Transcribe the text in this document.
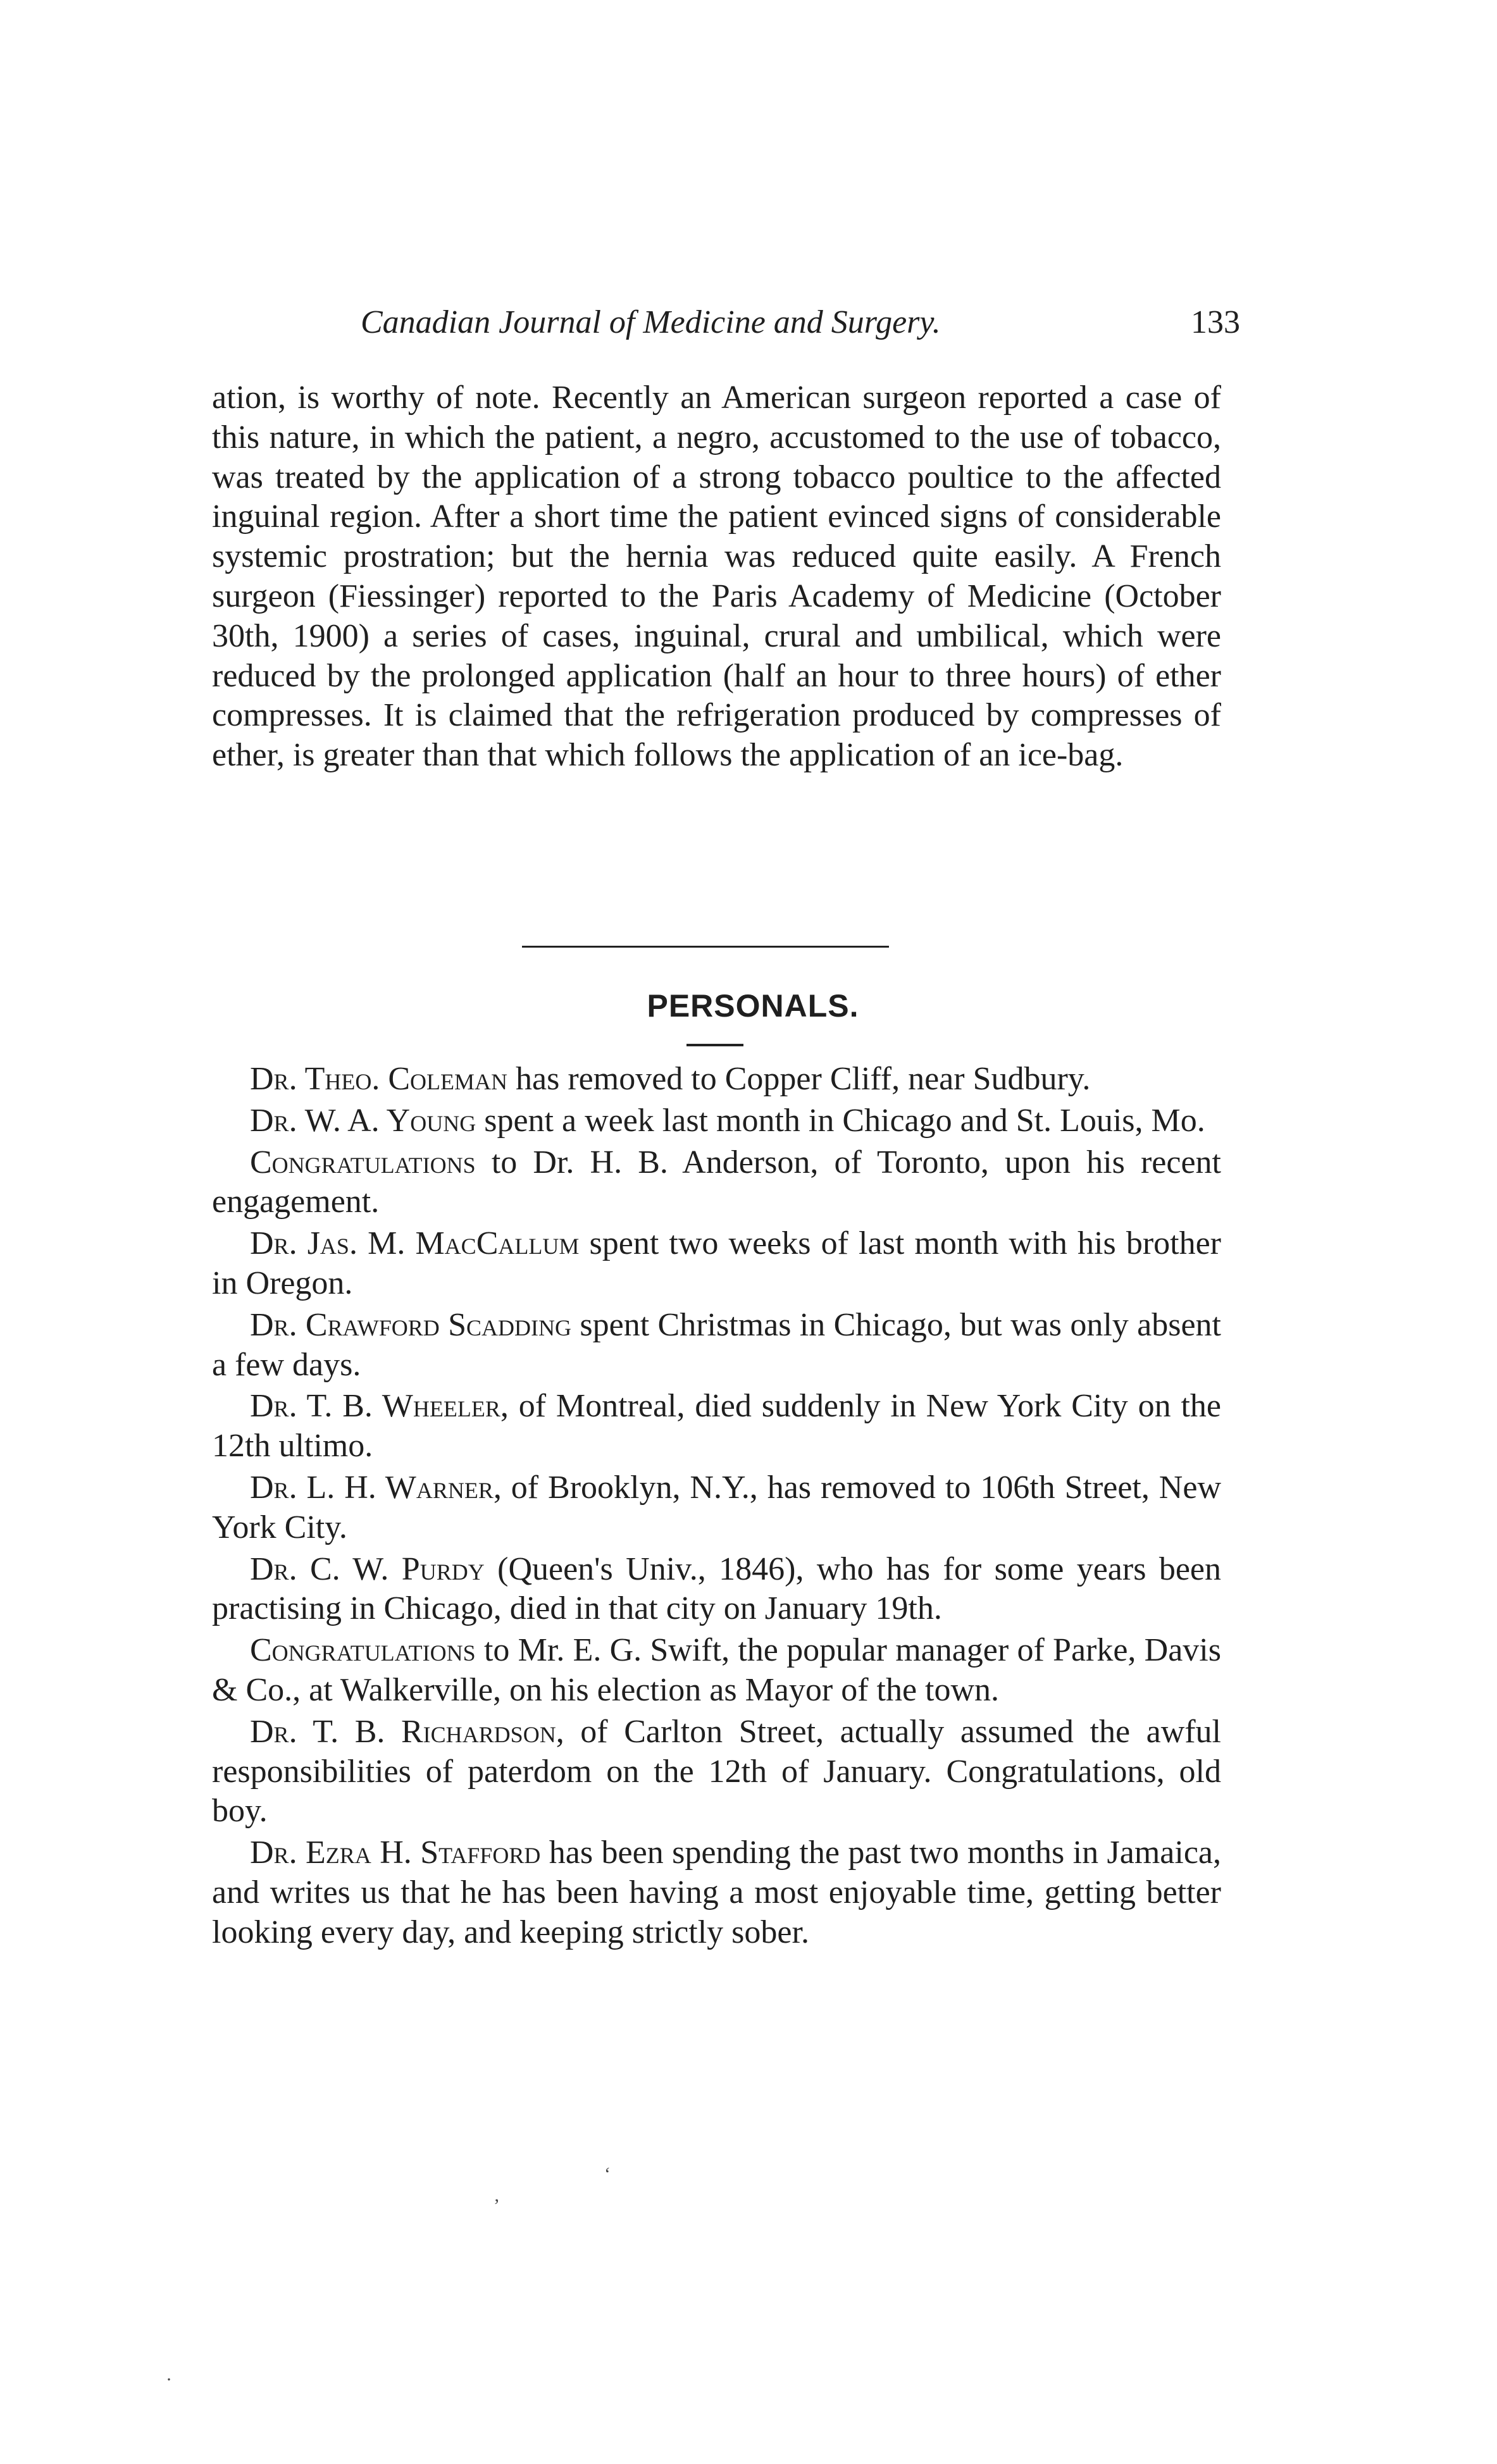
Canadian Journal of Medicine and Surgery.	133

ation, is worthy of note. Recently an American surgeon reported a case of this nature, in which the patient, a negro, accustomed to the use of tobacco, was treated by the application of a strong tobacco poultice to the affected inguinal region. After a short time the patient evinced signs of considerable systemic prostration; but the hernia was reduced quite easily. A French surgeon (Fiessinger) reported to the Paris Academy of Medicine (October 30th, 1900) a series of cases, inguinal, crural and umbilical, which were reduced by the prolonged application (half an hour to three hours) of ether compresses. It is claimed that the refrigeration produced by compresses of ether, is greater than that which follows the application of an ice-bag.

PERSONALS.

Dr. Theo. Coleman has removed to Copper Cliff, near Sudbury.

Dr. W. A. Young spent a week last month in Chicago and St. Louis, Mo.

Congratulations to Dr. H. B. Anderson, of Toronto, upon his recent engagement.

Dr. Jas. M. MacCallum spent two weeks of last month with his brother in Oregon.

Dr. Crawford Scadding spent Christmas in Chicago, but was only absent a few days.

Dr. T. B. Wheeler, of Montreal, died suddenly in New York City on the 12th ultimo.

Dr. L. H. Warner, of Brooklyn, N.Y., has removed to 106th Street, New York City.

Dr. C. W. Purdy (Queen's Univ., 1846), who has for some years been practising in Chicago, died in that city on January 19th.

Congratulations to Mr. E. G. Swift, the popular manager of Parke, Davis & Co., at Walkerville, on his election as Mayor of the town.

Dr. T. B. Richardson, of Carlton Street, actually assumed the awful responsibilities of paterdom on the 12th of January. Congratulations, old boy.

Dr. Ezra H. Stafford has been spending the past two months in Jamaica, and writes us that he has been having a most enjoyable time, getting better looking every day, and keeping strictly sober.

’
‘
·
